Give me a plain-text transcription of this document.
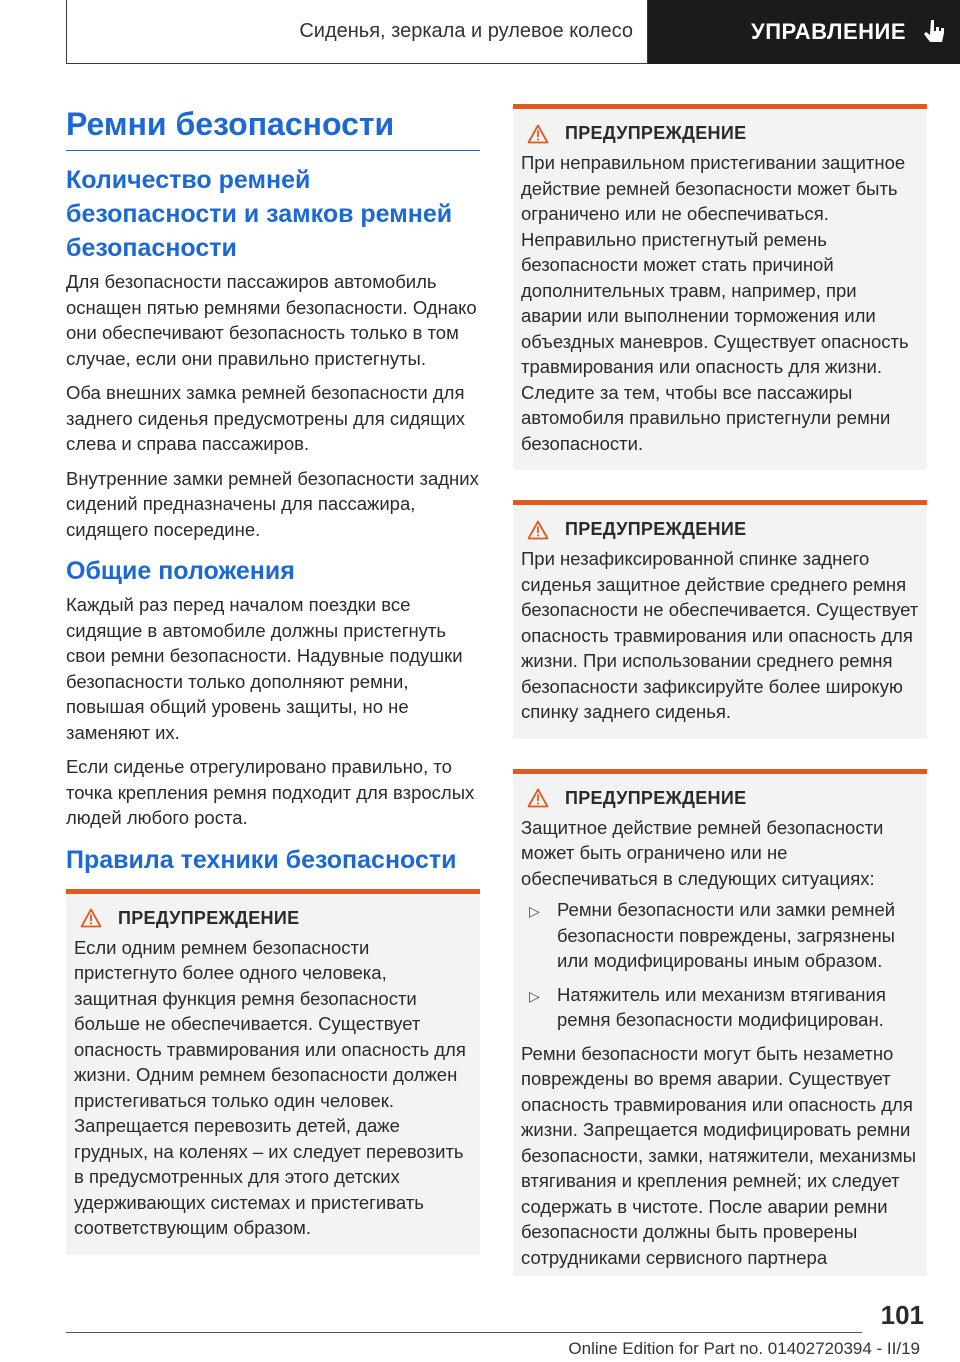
Сиденья, зеркала и рулевое колесо	УПРАВЛЕНИЕ
Ремни безопасности
Количество ремней безопасности и замков ремней безопасности

Для безопасности пассажиров автомобиль оснащен пятью ремнями безопасности. Однако они обеспечивают безопасность только в том случае, если они правильно пристегнуты.

Оба внешних замка ремней безопасности для заднего сиденья предусмотрены для сидящих слева и справа пассажиров.

Внутренние замки ремней безопасности задних сидений предназначены для пассажира, сидящего посередине.

Общие положения

Каждый раз перед началом поездки все сидящие в автомобиле должны пристегнуть свои ремни безопасности. Надувные подушки безопасности только дополняют ремни, повышая общий уровень защиты, но не заменяют их.

Если сиденье отрегулировано правильно, то точка крепления ремня подходит для взрослых людей любого роста.

Правила техники безопасности
ПРЕДУПРЕЖДЕНИЕ

Если одним ремнем безопасности пристегнуто более одного человека, защитная функция ремня безопасности больше не обеспечивается. Существует опасность травмирования или опасность для жизни. Одним ремнем безопасности должен пристегиваться только один человек. Запрещается перевозить детей, даже грудных, на коленях – их следует перевозить в предусмотренных для этого детских удерживающих системах и пристегивать соответствующим образом.

ПРЕДУПРЕЖДЕНИЕ

При неправильном пристегивании защитное действие ремней безопасности может быть ограничено или не обеспечиваться. Неправильно пристегнутый ремень безопасности может стать причиной дополнительных травм, например, при аварии или выполнении торможения или объездных маневров. Существует опасность травмирования или опасность для жизни. Следите за тем, чтобы все пассажиры автомобиля правильно пристегнули ремни безопасности.

ПРЕДУПРЕЖДЕНИЕ

При незафиксированной спинке заднего сиденья защитное действие среднего ремня безопасности не обеспечивается. Существует опасность травмирования или опасность для жизни. При использовании среднего ремня безопасности зафиксируйте более широкую спинку заднего сиденья.

ПРЕДУПРЕЖДЕНИЕ

Защитное действие ремней безопасности может быть ограничено или не обеспечиваться в следующих ситуациях:

▷ Ремни безопасности или замки ремней безопасности повреждены, загрязнены или модифицированы иным образом.
▷ Натяжитель или механизм втягивания ремня безопасности модифицирован.

Ремни безопасности могут быть незаметно повреждены во время аварии. Существует опасность травмирования или опасность для жизни. Запрещается модифицировать ремни безопасности, замки, натяжители, механизмы втягивания и крепления ремней; их следует содержать в чистоте. После аварии ремни безопасности должны быть проверены сотрудниками сервисного партнера

101
Online Edition for Part no. 01402720394 - II/19
